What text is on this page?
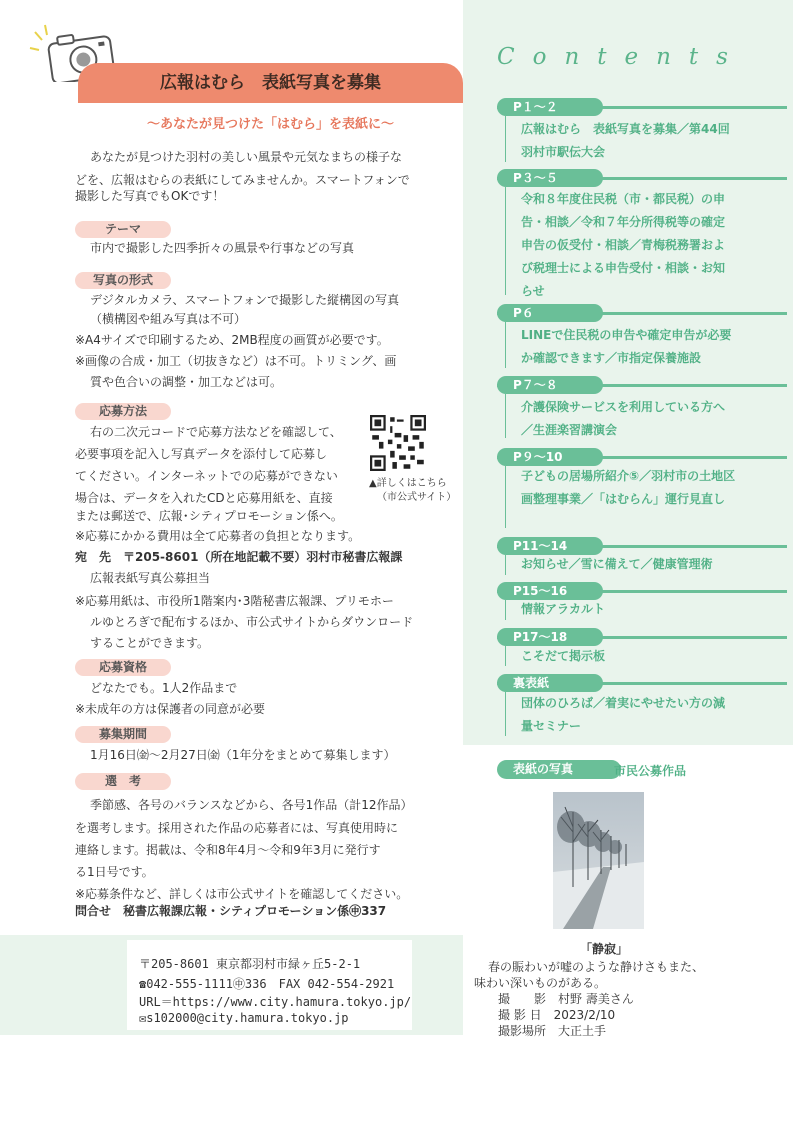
広報はむら　表紙写真を募集
～あなたが見つけた「はむら」を表紙に～
あなたが見つけた羽村の美しい風景や元気なまちの様子な
どを、広報はむらの表紙にしてみませんか。スマートフォンで
撮影した写真でもOKです！
テーマ
市内で撮影した四季折々の風景や行事などの写真
写真の形式
デジタルカメラ、スマートフォンで撮影した縦構図の写真
（横構図や組み写真は不可）
※A4サイズで印刷するため、2MB程度の画質が必要です。
※画像の合成・加工（切抜きなど）は不可。トリミング、画
質や色合いの調整・加工などは可。
応募方法
右の二次元コードで応募方法などを確認して、
必要事項を記入し写真データを添付して応募し
てください。インターネットでの応募ができない
場合は、データを入れたCDと応募用紙を、直接
または郵送で、広報･シティプロモーション係へ。
※応募にかかる費用は全て応募者の負担となります。
宛　先　〒205-8601（所在地記載不要）羽村市秘書広報課
広報表紙写真公募担当
※応募用紙は、市役所1階案内･3階秘書広報課、プリモホー
ルゆとろぎで配布するほか、市公式サイトからダウンロード
することができます。
▲詳しくはこちら
（市公式サイト）
応募資格
どなたでも。1人2作品まで
※未成年の方は保護者の同意が必要
募集期間
1月16日㈮～2月27日㈮（1年分をまとめて募集します）
選　考
季節感、各号のバランスなどから、各号1作品（計12作品）
を選考します。採用された作品の応募者には、写真使用時に
連絡します。掲載は、令和8年4月～令和9年3月に発行す
る1日号です。
※応募条件など、詳しくは市公式サイトを確認してください。
問合せ　秘書広報課広報・シティプロモーション係㊥337
〒205-8601 東京都羽村市緑ヶ丘5-2-1
☎042-555-1111㊥336　FAX 042-554-2921
URL＝https://www.city.hamura.tokyo.jp/
✉s102000@city.hamura.tokyo.jp
Contents
P１～２
広報はむら　表紙写真を募集／第44回羽村市駅伝大会
P３～５
令和８年度住民税（市・都民税）の申告・相談／令和７年分所得税等の確定申告の仮受付・相談／青梅税務署および税理士による申告受付・相談・お知らせ
P６
LINEで住民税の申告や確定申告が必要か確認できます／市指定保養施設
P７～８
介護保険サービスを利用している方へ／生涯楽習講演会
P９～10
子どもの居場所紹介⑤／羽村市の土地区画整理事業／「はむらん」運行見直し
P11～14
お知らせ／雪に備えて／健康管理術
P15～16
情報アラカルト
P17～18
こそだて掲示板
裏表紙
団体のひろば／着実にやせたい方の減量セミナー
表紙の写真	市民公募作品
「静寂」
春の賑わいが嘘のような静けさもまた、
味わい深いものがある。
撮　　影　村野 壽美さん
撮 影 日　2023/2/10
撮影場所　大正土手
